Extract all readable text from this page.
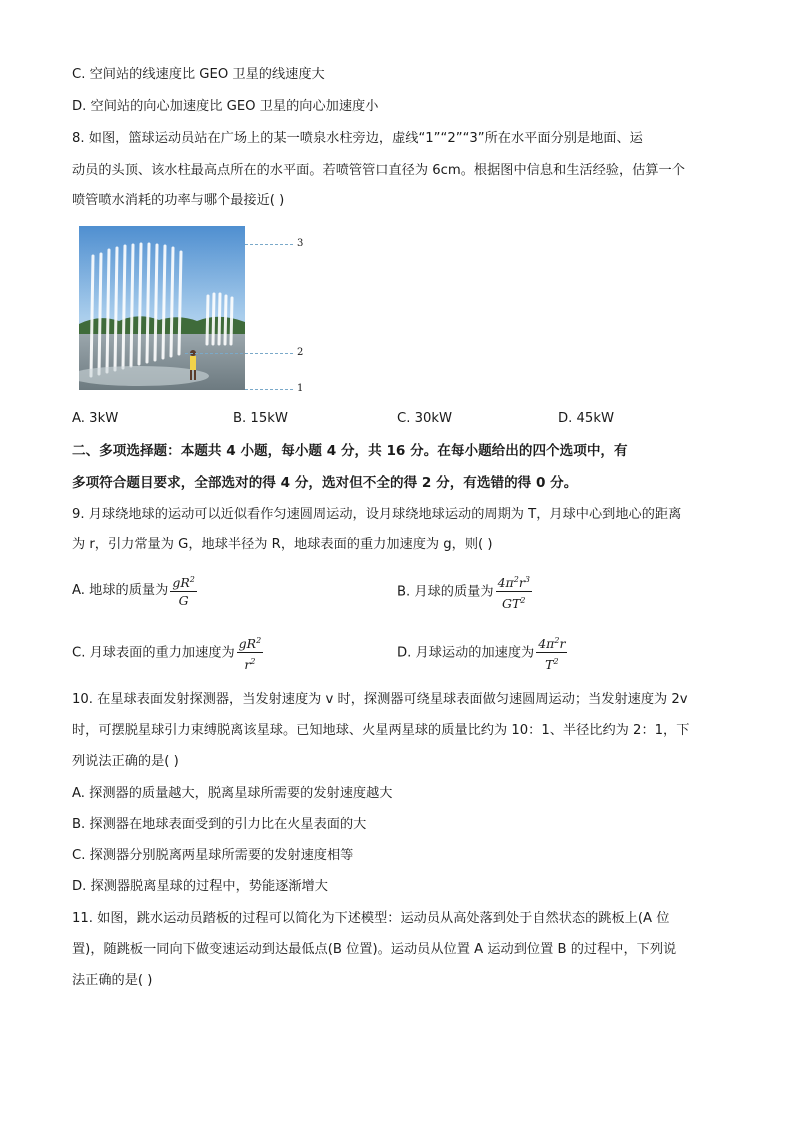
C. 空间站的线速度比 GEO 卫星的线速度大
D. 空间站的向心加速度比 GEO 卫星的向心加速度小
8. 如图，篮球运动员站在广场上的某一喷泉水柱旁边，虚线“1”“2”“3”所在水平面分别是地面、运
动员的头顶、该水柱最高点所在的水平面。若喷管管口直径为 6cm。根据图中信息和生活经验，估算一个
喷管喷水消耗的功率与哪个最接近( )
3
2
1
A. 3kW	B. 15kW	C. 30kW	D. 45kW
二、多项选择题：本题共 4 小题，每小题 4 分，共 16 分。在每小题给出的四个选项中，有
多项符合题目要求，全部选对的得 4 分，选对但不全的得 2 分，有选错的得 0 分。
9. 月球绕地球的运动可以近似看作匀速圆周运动，设月球绕地球运动的周期为 T，月球中心到地心的距离
为 r，引力常量为 G，地球半径为 R，地球表面的重力加速度为 g，则( )
A. 地球的质量为 $\frac{gR^2}{G}$	B. 月球的质量为 $\frac{4\pi^2r^3}{GT^2}$
C. 月球表面的重力加速度为 $\frac{gR^2}{r^2}$	D. 月球运动的加速度为 $\frac{4\pi^2r}{T^2}$
10. 在星球表面发射探测器，当发射速度为 v 时，探测器可绕星球表面做匀速圆周运动；当发射速度为 2v
时，可摆脱星球引力束缚脱离该星球。已知地球、火星两星球的质量比约为 10：1、半径比约为 2：1，下
列说法正确的是( )
A. 探测器的质量越大，脱离星球所需要的发射速度越大
B. 探测器在地球表面受到的引力比在火星表面的大
C. 探测器分别脱离两星球所需要的发射速度相等
D. 探测器脱离星球的过程中，势能逐渐增大
11. 如图，跳水运动员踏板的过程可以简化为下述模型：运动员从高处落到处于自然状态的跳板上(A 位
置)，随跳板一同向下做变速运动到达最低点(B 位置)。运动员从位置 A 运动到位置 B 的过程中，下列说
法正确的是( )
